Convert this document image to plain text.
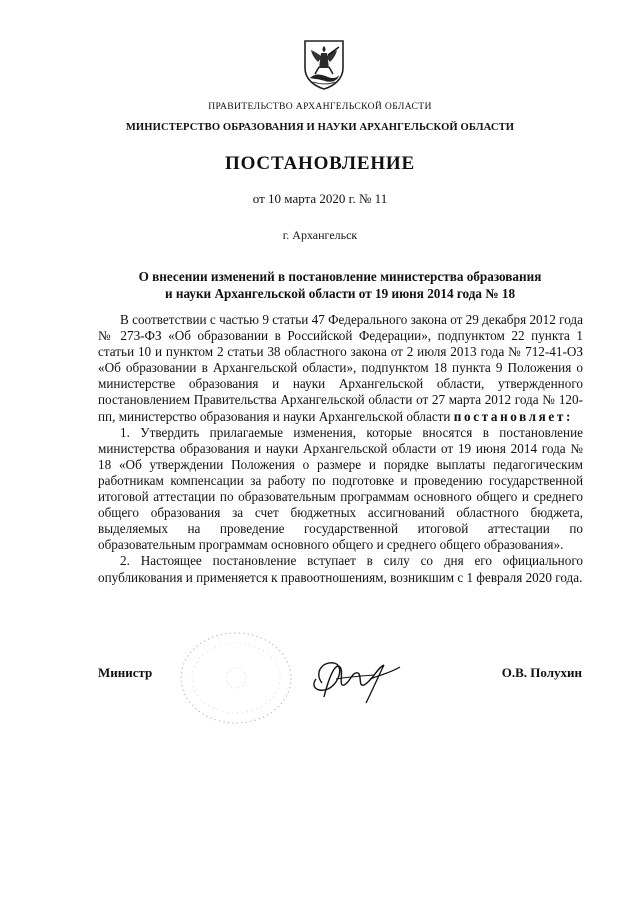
ПРАВИТЕЛЬСТВО АРХАНГЕЛЬСКОЙ ОБЛАСТИ
МИНИСТЕРСТВО ОБРАЗОВАНИЯ И НАУКИ АРХАНГЕЛЬСКОЙ ОБЛАСТИ
ПОСТАНОВЛЕНИЕ
от 10 марта 2020 г. № 11
г. Архангельск
О внесении изменений в постановление министерства образования
и науки Архангельской области от 19 июня 2014 года № 18

В соответствии с частью 9 статьи 47 Федерального закона от 29 декабря 2012 года № 273-ФЗ «Об образовании в Российской Федерации», подпунктом 22 пункта 1 статьи 10 и пунктом 2 статьи 38 областного закона от 2 июля 2013 года № 712-41-ОЗ «Об образовании в Архангельской области», подпунктом 18 пункта 9 Положения о министерстве образования и науки Архангельской области, утвержденного постановлением Правительства Архангельской области от 27 марта 2012 года № 120-пп, министерство образования и науки Архангельской области постановляет:

1. Утвердить прилагаемые изменения, которые вносятся в постановление министерства образования и науки Архангельской области от 19 июня 2014 года № 18 «Об утверждении Положения о размере и порядке выплаты педагогическим работникам компенсации за работу по подготовке и проведению государственной итоговой аттестации по образовательным программам основного общего и среднего общего образования за счет бюджетных ассигнований областного бюджета, выделяемых на проведение государственной итоговой аттестации по образовательным программам основного общего и среднего общего образования».

2. Настоящее постановление вступает в силу со дня его официального опубликования и применяется к правоотношениям, возникшим с 1 февраля 2020 года.

Министр	О.В. Полухин
